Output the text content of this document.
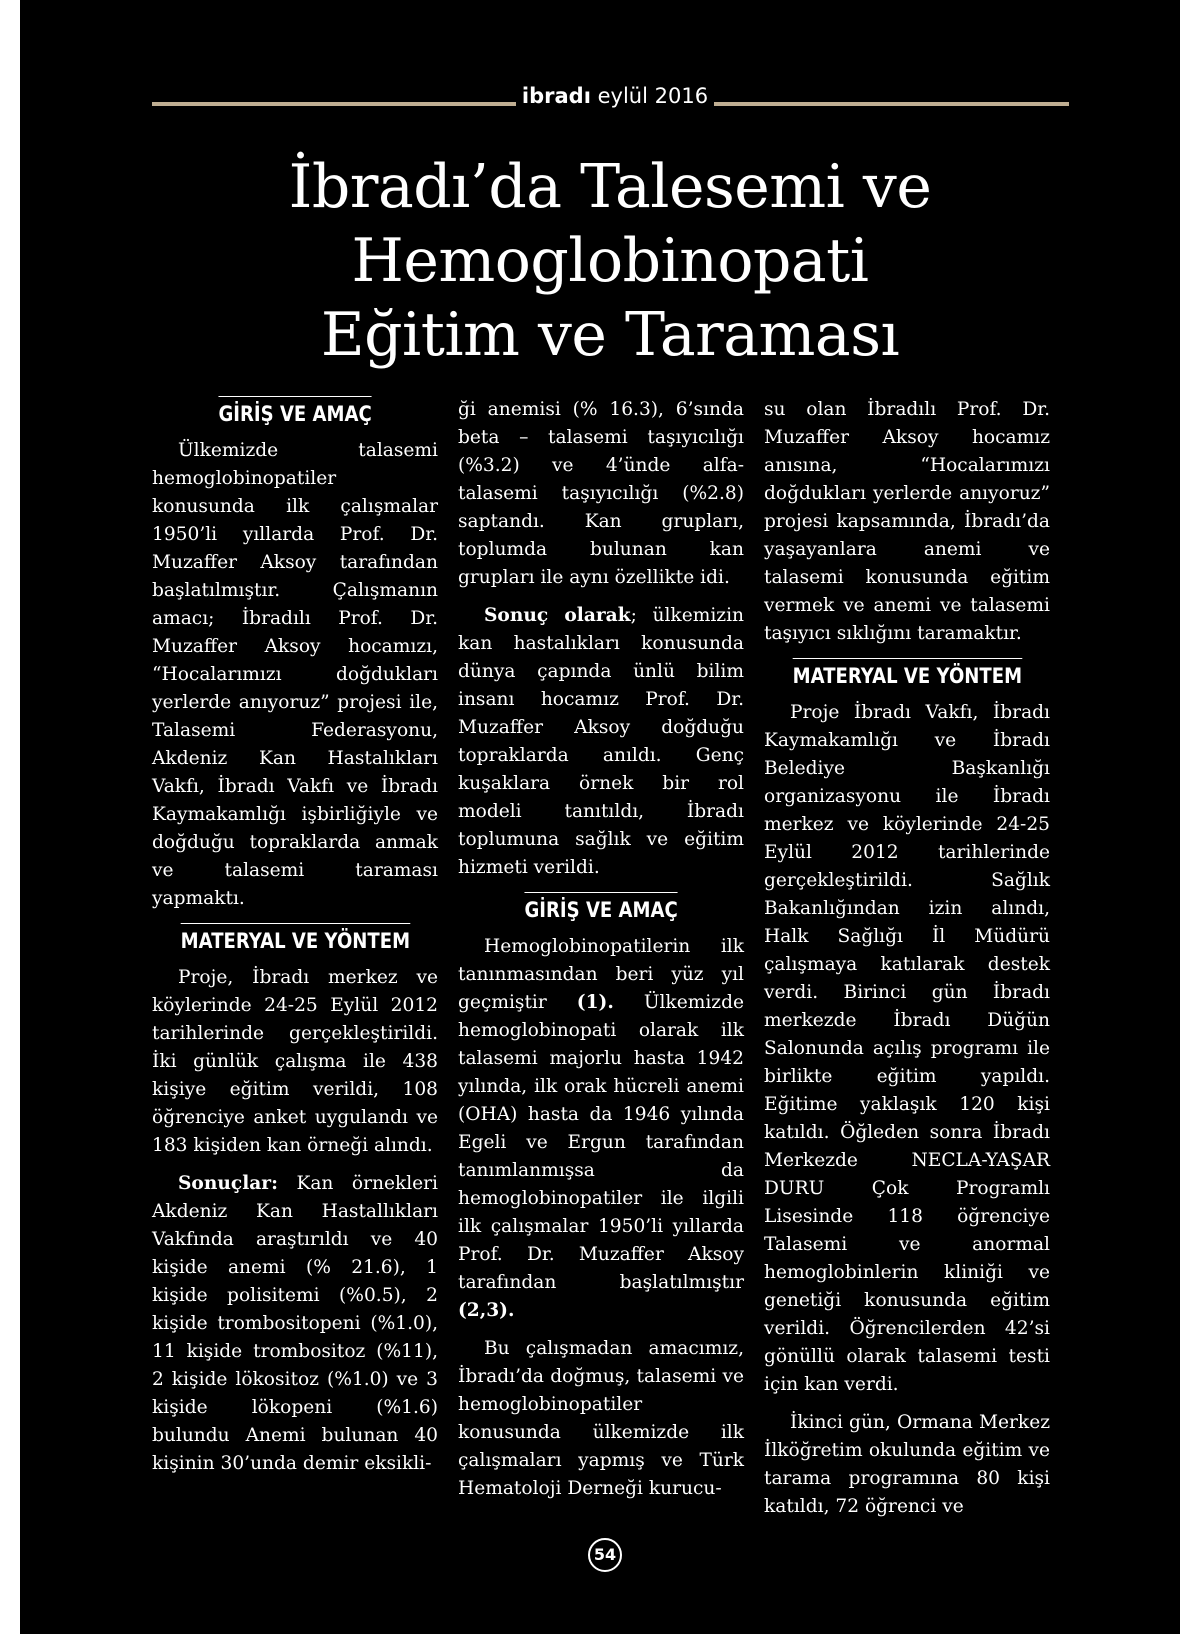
ibradı eylül 2016
İbradı’da Talesemi ve
Hemoglobinopati
Eğitim ve Taraması
GİRİŞ VE AMAÇ

Ülkemizde talasemi hemoglobinopatiler konusunda ilk çalışmalar 1950’li yıllarda Prof. Dr. Muzaffer Aksoy tarafından başlatılmıştır. Çalışmanın amacı; İbradılı Prof. Dr. Muzaffer Aksoy hocamızı, “Hocalarımızı doğdukları yerlerde anıyoruz” projesi ile, Talasemi Federasyonu, Akdeniz Kan Hastalıkları Vakfı, İbradı Vakfı ve İbradı Kaymakamlığı işbirliğiyle ve doğduğu topraklarda anmak ve talasemi taraması yapmaktı.

MATERYAL VE YÖNTEM

Proje, İbradı merkez ve köylerinde 24-25 Eylül 2012 tarihlerinde gerçekleştirildi. İki günlük çalışma ile 438 kişiye eğitim verildi, 108 öğrenciye anket uygulandı ve 183 kişiden kan örneği alındı.

Sonuçlar: Kan örnekleri Akdeniz Kan Hastallıkları Vakfında araştırıldı ve 40 kişide anemi (% 21.6), 1 kişide polisitemi (%0.5), 2 kişide trombositopeni (%1.0), 11 kişide trombositoz (%11), 2 kişide lökositoz (%1.0) ve 3 kişide lökopeni (%1.6) bulundu Anemi bulunan 40 kişinin 30’unda demir eksikli-

ği anemisi (% 16.3), 6’sında beta – talasemi taşıyıcılığı (%3.2) ve 4’ünde alfa-talasemi taşıyıcılığı (%2.8) saptandı. Kan grupları, toplumda bulunan kan grupları ile aynı özellikte idi.

Sonuç olarak; ülkemizin kan hastalıkları konusunda dünya çapında ünlü bilim insanı hocamız Prof. Dr. Muzaffer Aksoy doğduğu topraklarda anıldı. Genç kuşaklara örnek bir rol modeli tanıtıldı, İbradı toplumuna sağlık ve eğitim hizmeti verildi.

GİRİŞ VE AMAÇ

Hemoglobinopatilerin ilk tanınmasından beri yüz yıl geçmiştir (1). Ülkemizde hemoglobinopati olarak ilk talasemi majorlu hasta 1942 yılında, ilk orak hücreli anemi (OHA) hasta da 1946 yılında Egeli ve Ergun tarafından tanımlanmışsa da hemoglobinopatiler ile ilgili ilk çalışmalar 1950’li yıllarda Prof. Dr. Muzaffer Aksoy tarafından başlatılmıştır (2,3).

Bu çalışmadan amacımız, İbradı’da doğmuş, talasemi ve hemoglobinopatiler konusunda ülkemizde ilk çalışmaları yapmış ve Türk Hematoloji Derneği kurucu-

su olan İbradılı Prof. Dr. Muzaffer Aksoy hocamız anısına, “Hocalarımızı doğdukları yerlerde anıyoruz” projesi kapsamında, İbradı’da yaşayanlara anemi ve talasemi konusunda eğitim vermek ve anemi ve talasemi taşıyıcı sıklığını taramaktır.

MATERYAL VE YÖNTEM

Proje İbradı Vakfı, İbradı Kaymakamlığı ve İbradı Belediye Başkanlığı organizasyonu ile İbradı merkez ve köylerinde 24-25 Eylül 2012 tarihlerinde gerçekleştirildi. Sağlık Bakanlığından izin alındı, Halk Sağlığı İl Müdürü çalışmaya katılarak destek verdi. Birinci gün İbradı merkezde İbradı Düğün Salonunda açılış programı ile birlikte eğitim yapıldı. Eğitime yaklaşık 120 kişi katıldı. Öğleden sonra İbradı Merkezde NECLA-YAŞAR DURU Çok Programlı Lisesinde 118 öğrenciye Talasemi ve anormal hemoglobinlerin kliniği ve genetiği konusunda eğitim verildi. Öğrencilerden 42’si gönüllü olarak talasemi testi için kan verdi.

İkinci gün, Ormana Merkez İlköğretim okulunda eğitim ve tarama programına 80 kişi katıldı, 72 öğrenci ve

54
